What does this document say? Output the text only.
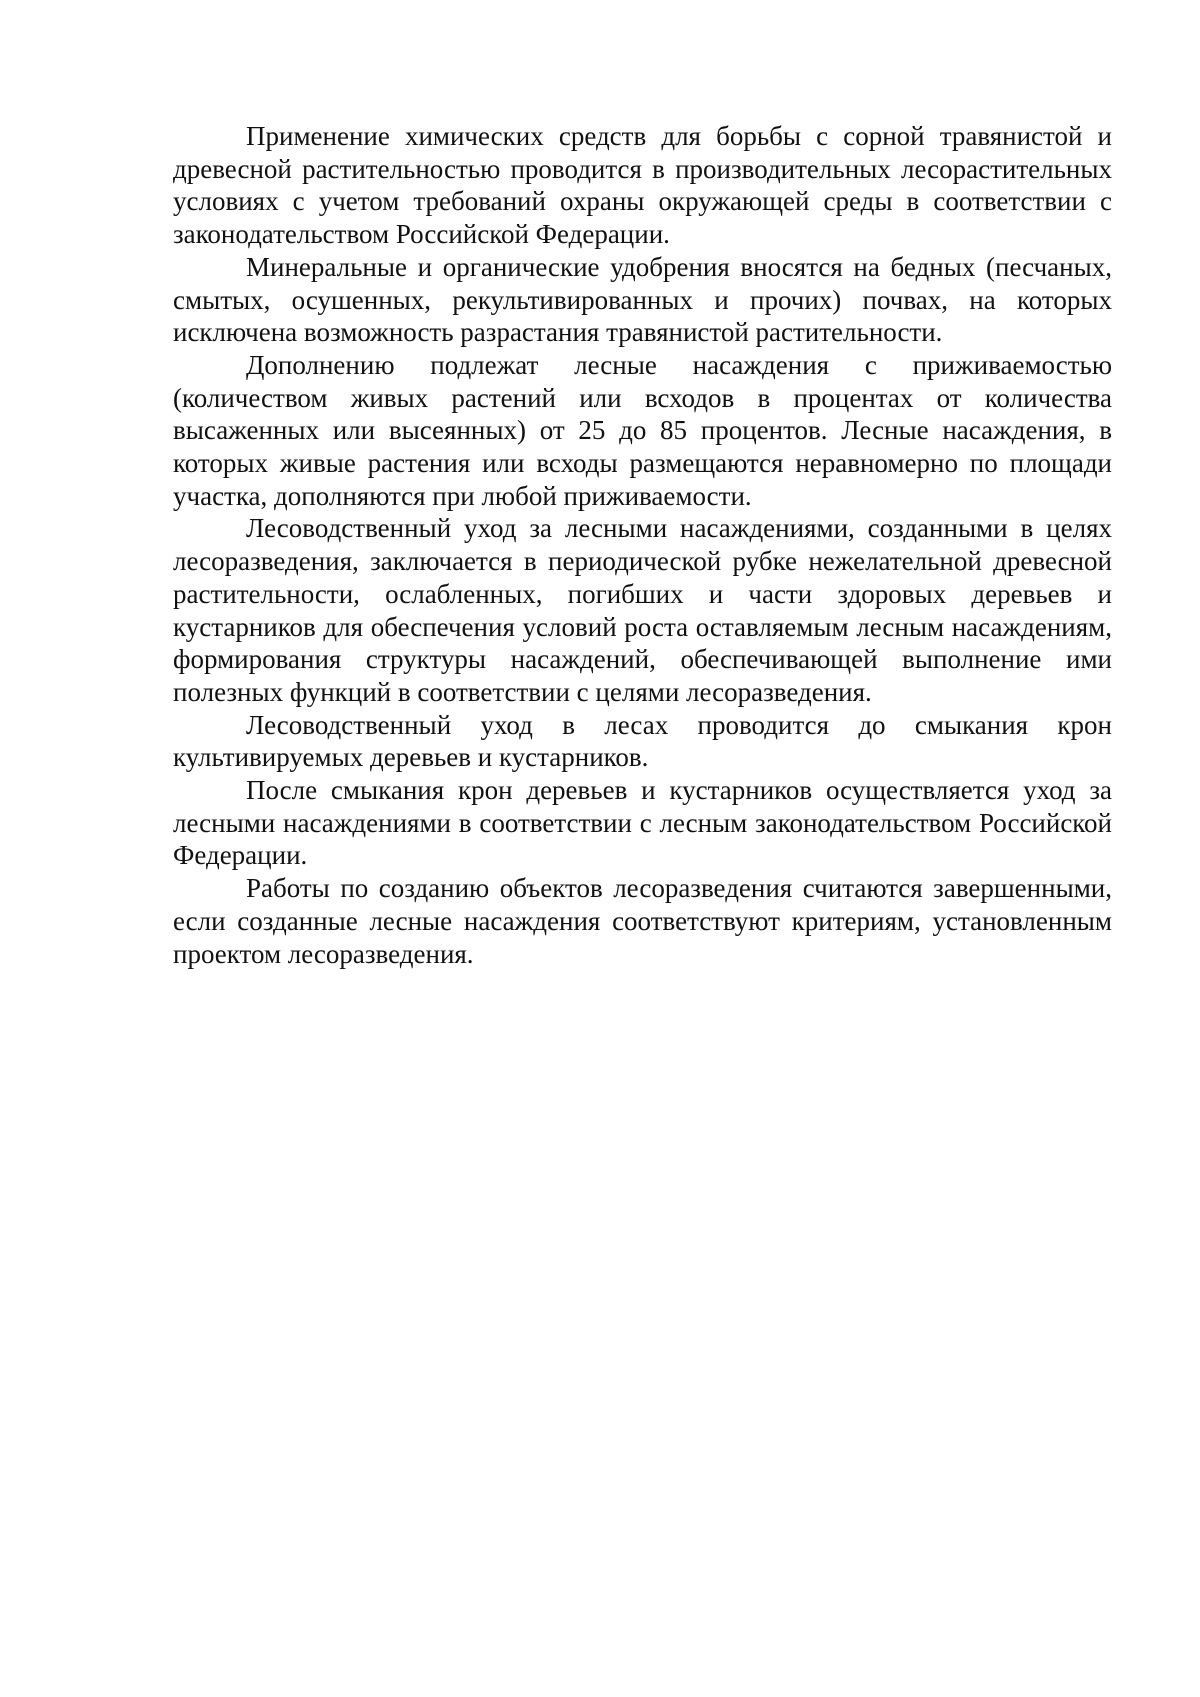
Применение химических средств для борьбы с сорной травянистой и древесной растительностью проводится в производительных лесорастительных условиях с учетом требований охраны окружающей среды в соответствии с законодательством Российской Федерации.

Минеральные и органические удобрения вносятся на бедных (песчаных, смытых, осушенных, рекультивированных и прочих) почвах, на которых исключена возможность разрастания травянистой растительности.

Дополнению подлежат лесные насаждения с приживаемостью (количеством живых растений или всходов в процентах от количества высаженных или высеянных) от 25 до 85 процентов. Лесные насаждения, в которых живые растения или всходы размещаются неравномерно по площади участка, дополняются при любой приживаемости.

Лесоводственный уход за лесными насаждениями, созданными в целях лесоразведения, заключается в периодической рубке нежелательной древесной растительности, ослабленных, погибших и части здоровых деревьев и кустарников для обеспечения условий роста оставляемым лесным насаждениям, формирования структуры насаждений, обеспечивающей выполнение ими полезных функций в соответствии с целями лесоразведения.

Лесоводственный уход в лесах проводится до смыкания крон культивируемых деревьев и кустарников.

После смыкания крон деревьев и кустарников осуществляется уход за лесными насаждениями в соответствии с лесным законодательством Российской Федерации.

Работы по созданию объектов лесоразведения считаются завершенными, если созданные лесные насаждения соответствуют критериям, установленным проектом лесоразведения.
